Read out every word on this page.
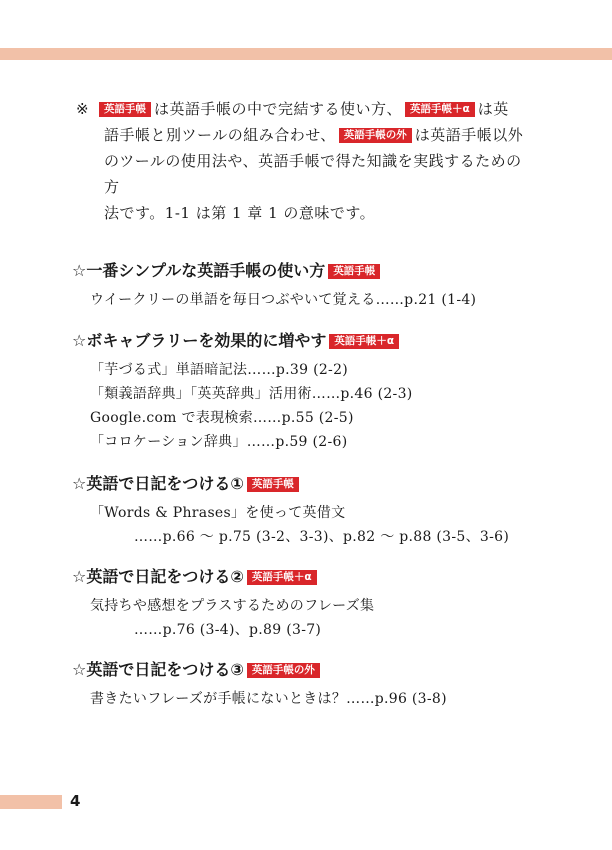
※ 英語手帳 は英語手帳の中で完結する使い方、 英語手帳＋α は英
語手帳と別ツールの組み合わせ、 英語手帳の外 は英語手帳以外
のツールの使用法や、英語手帳で得た知識を実践するための方
法です。1-1 は第 1 章 1 の意味です。
☆一番シンプルな英語手帳の使い方 英語手帳
ウイークリーの単語を毎日つぶやいて覚える……p.21 (1-4)
☆ボキャブラリーを効果的に増やす 英語手帳＋α
「芋づる式」単語暗記法……p.39 (2-2)
「類義語辞典」「英英辞典」活用術……p.46 (2-3)
Google.com で表現検索……p.55 (2-5)
「コロケーション辞典」……p.59 (2-6)
☆英語で日記をつける① 英語手帳
「Words & Phrases」を使って英借文
……p.66 ～ p.75 (3-2、3-3)、p.82 ～ p.88 (3-5、3-6)
☆英語で日記をつける② 英語手帳＋α
気持ちや感想をプラスするためのフレーズ集
……p.76 (3-4)、p.89 (3-7)
☆英語で日記をつける③ 英語手帳の外
書きたいフレーズが手帳にないときは？……p.96 (3-8)
4
